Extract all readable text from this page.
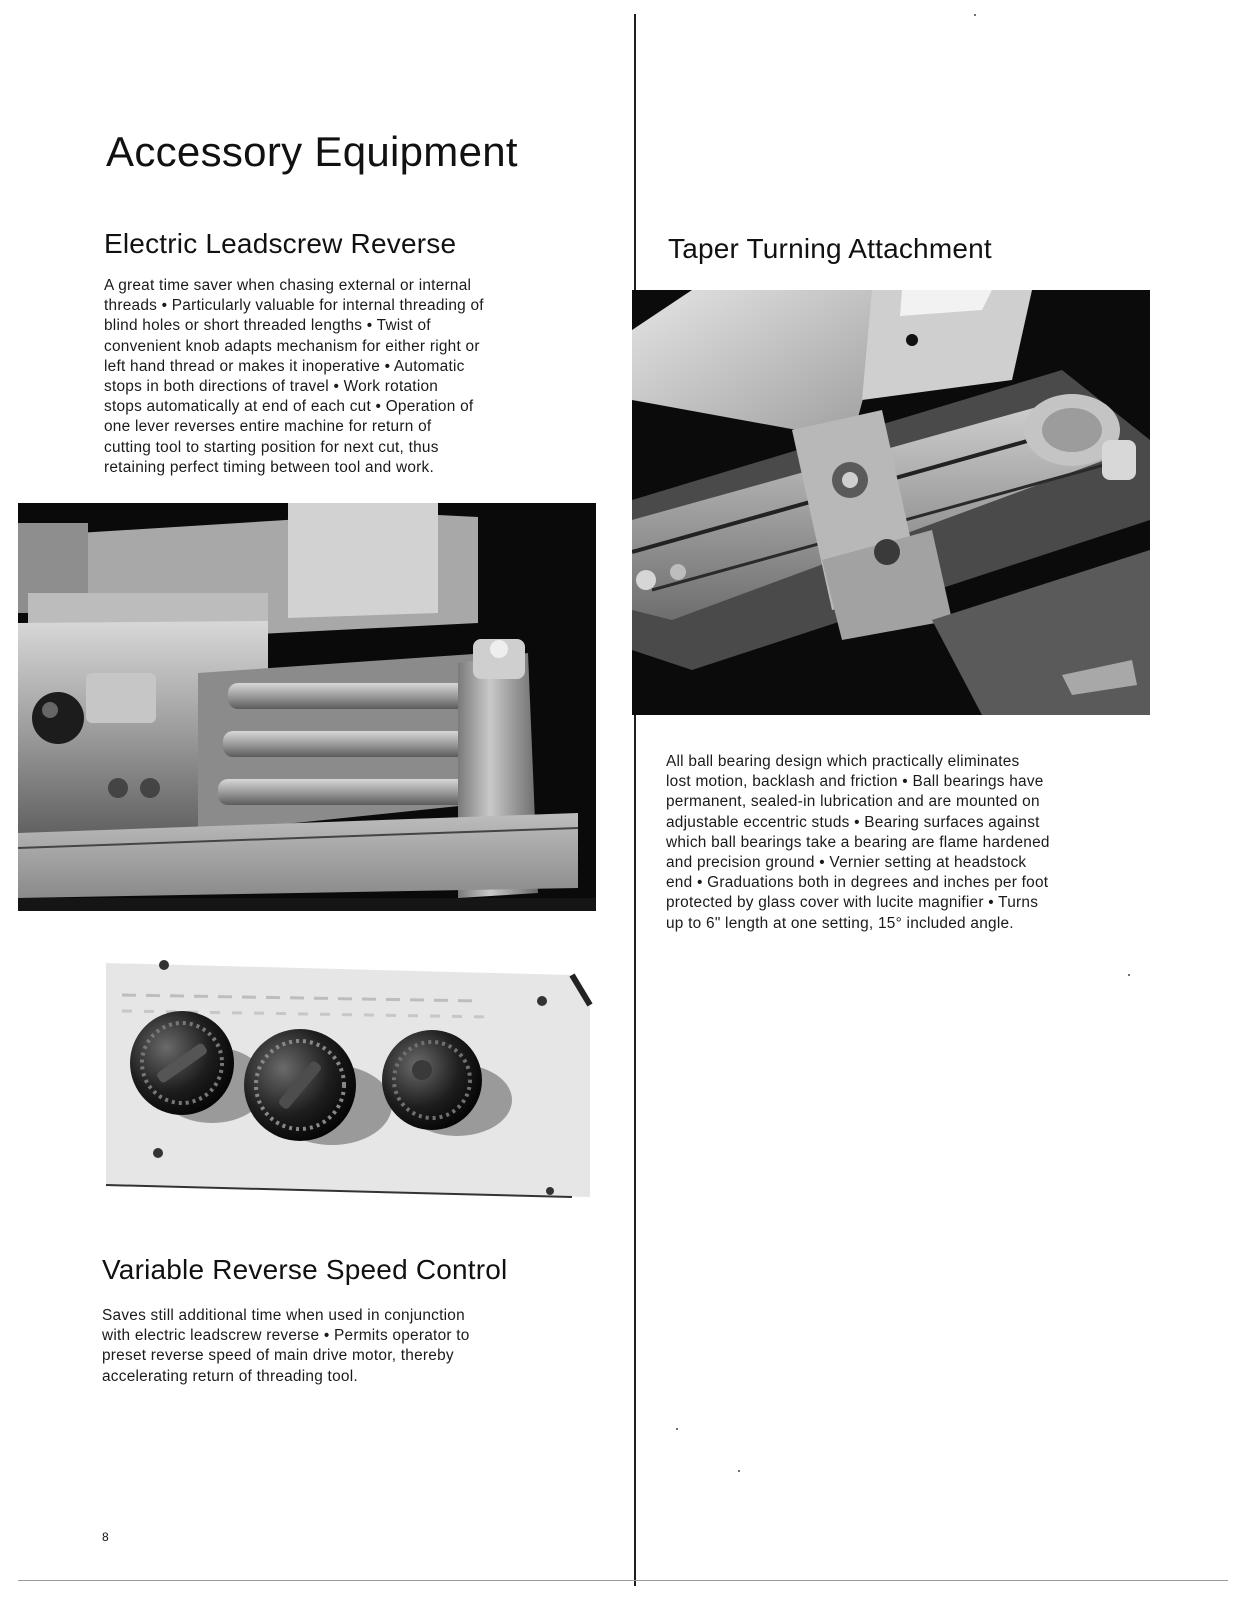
Accessory Equipment
Electric Leadscrew Reverse

A great time saver when chasing external or internal

threads • Particularly valuable for internal threading of

blind holes or short threaded lengths • Twist of

convenient knob adapts mechanism for either right or

left hand thread or makes it inoperative • Automatic

stops in both directions of travel • Work rotation

stops automatically at end of each cut • Operation of

one lever reverses entire machine for return of

cutting tool to starting position for next cut, thus

retaining perfect timing between tool and work.

Variable Reverse Speed Control

Saves still additional time when used in conjunction

with electric leadscrew reverse • Permits operator to

preset reverse speed of main drive motor, thereby

accelerating return of threading tool.

8
Taper Turning Attachment

All ball bearing design which practically eliminates

lost motion, backlash and friction • Ball bearings have

permanent, sealed-in lubrication and are mounted on

adjustable eccentric studs • Bearing surfaces against

which ball bearings take a bearing are flame hardened

and precision ground • Vernier setting at headstock

end • Graduations both in degrees and inches per foot

protected by glass cover with lucite magnifier • Turns

up to 6" length at one setting, 15° included angle.
